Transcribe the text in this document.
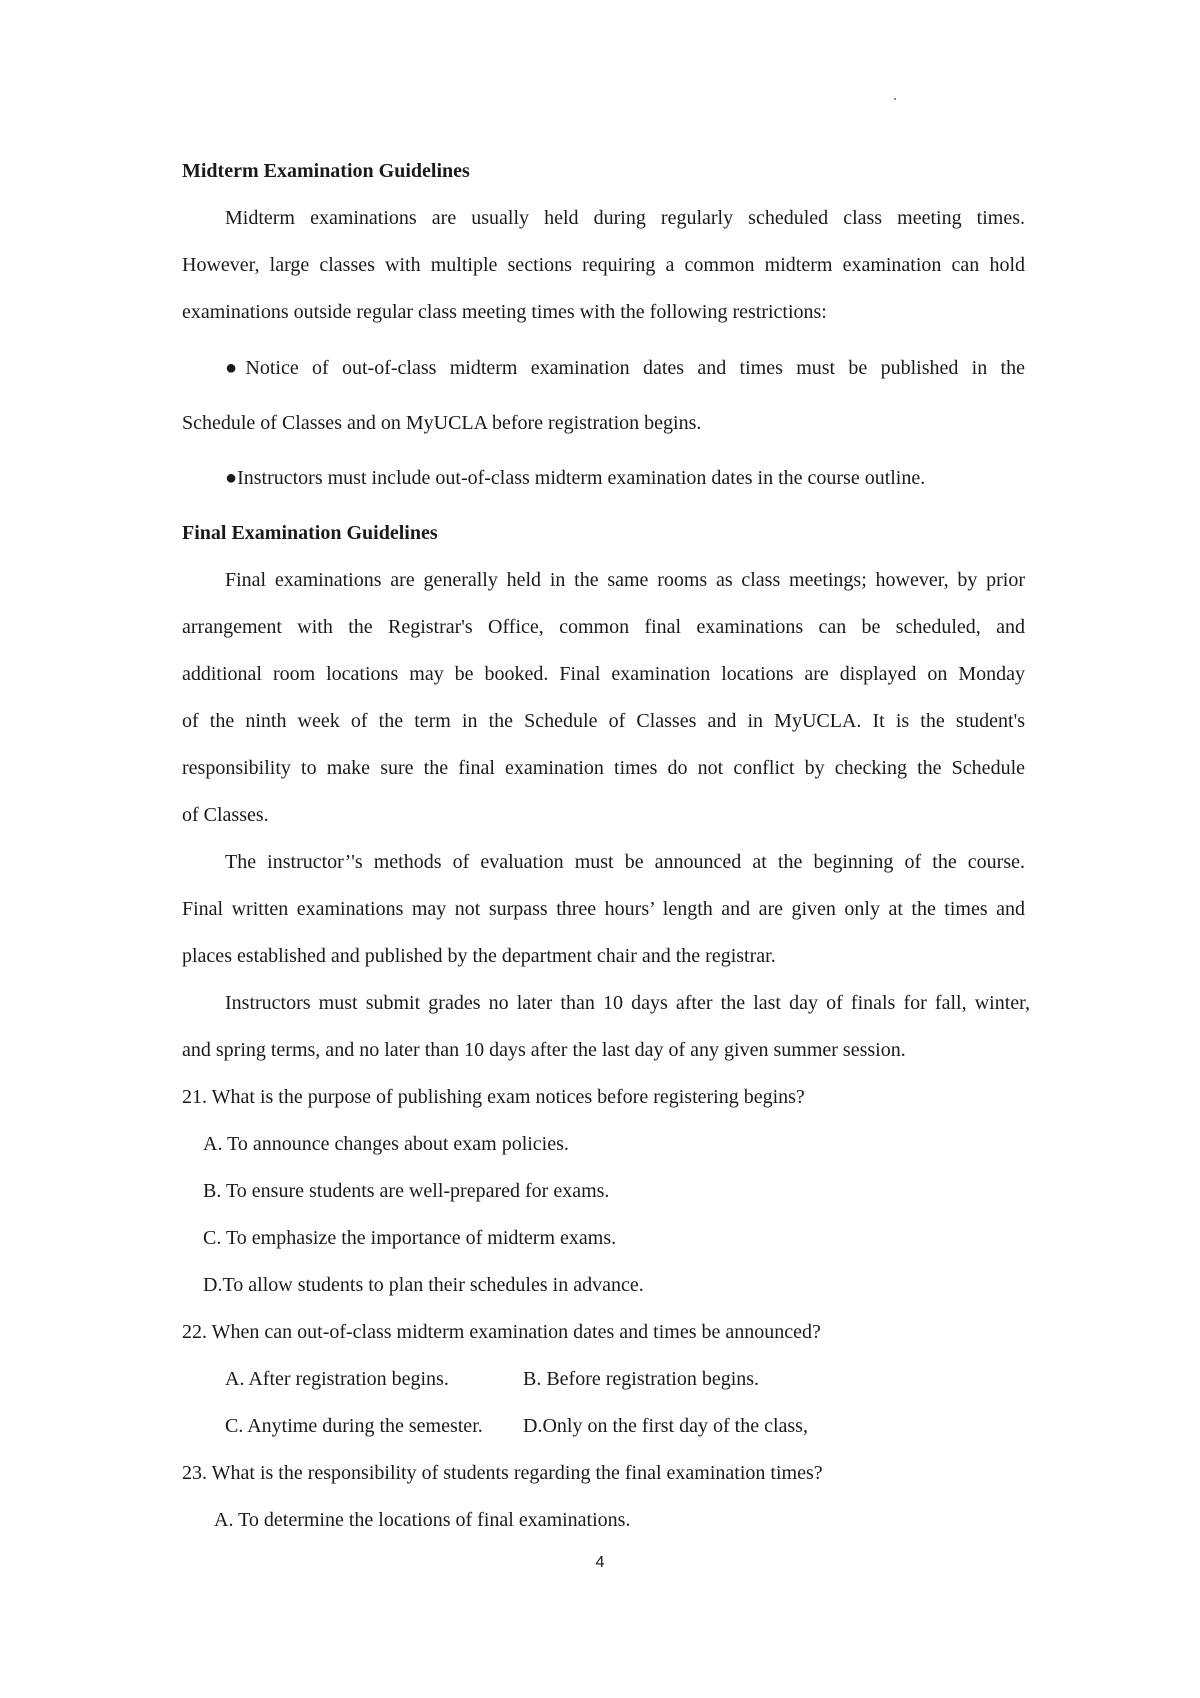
Midterm Examination Guidelines
Midterm examinations are usually held during regularly scheduled class meeting times.
However, large classes with multiple sections requiring a common midterm examination can hold
examinations outside regular class meeting times with the following restrictions:
●Notice of out-of-class midterm examination dates and times must be published in the
Schedule of Classes and on MyUCLA before registration begins.
●Instructors must include out-of-class midterm examination dates in the course outline.
Final Examination Guidelines
Final examinations are generally held in the same rooms as class meetings; however, by prior
arrangement with the Registrar's Office, common final examinations can be scheduled, and
additional room locations may be booked. Final examination locations are displayed on Monday
of the ninth week of the term in the Schedule of Classes and in MyUCLA. It is the student's
responsibility to make sure the final examination times do not conflict by checking the Schedule
of Classes.
The instructor’'s methods of evaluation must be announced at the beginning of the course.
Final written examinations may not surpass three hours’ length and are given only at the times and
places established and published by the department chair and the registrar.
Instructors must submit grades no later than 10 days after the last day of finals for fall, winter,
and spring terms, and no later than 10 days after the last day of any given summer session.
21. What is the purpose of publishing exam notices before registering begins?
A. To announce changes about exam policies.
B. To ensure students are well-prepared for exams.
C. To emphasize the importance of midterm exams.
D.To allow students to plan their schedules in advance.
22. When can out-of-class midterm examination dates and times be announced?
A. After registration begins.	B. Before registration begins.
C. Anytime during the semester. D.Only on the first day of the class,
23. What is the responsibility of students regarding the final examination times?
A. To determine the locations of final examinations.
4
